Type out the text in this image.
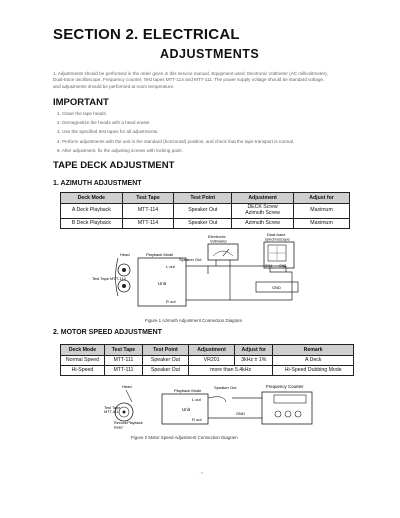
SECTION 2. ELECTRICAL
ADJUSTMENTS
1. Adjustments should be performed in the order given in this service manual. Equipment used: Electronic Voltmeter (AC millivoltmeter),
Dual-trace oscilloscope, Frequency counter, Test tapes MTT-114 and MTT-111. The power supply voltage should be standard voltage,
and adjustments should be performed at room temperature.
IMPORTANT
1. Clean the tape heads.
2. Demagnetize the heads with a head eraser.
3. Use the specified test tapes for all adjustments.
4. Perform adjustments with the unit in the standard (horizontal) position, and check that the tape transport is normal.
5. After adjustment, fix the adjusting screws with locking paint.
TAPE DECK ADJUSTMENT
1. AZIMUTH ADJUSTMENT
Deck Mode	Test Tape	Test Point	Adjustment	Adjust for
A Deck Playback	MTT-114	Speaker Out	DECK Screw
Azimuth Screw	Maximum
B Deck Playback	MTT-114	Speaker Out	Azimuth Screw	Maximum
Head
Test Tape MTT-114
Playback Mode
Unit
L out
R out
Speaker Out
Electronic
Voltmeter
Dual-trace
synchroscope
CH1 CH2
GND
Figure 1 Azimuth Adjustment Connection Diagram
2. MOTOR SPEED ADJUSTMENT
Deck Mode	Test Tape	Test Point	Adjustment	Adjust for	Remark
Normal Speed	MTT-111	Speaker Out	VR201	3kHz ± 1%	A Deck
Hi-Speed	MTT-111	Speaker Out	more than 5.4kHz		Hi-Speed Dubbing Mode
Head
Test Tape
MTT-111
Record/Playback
head
Playback Mode
Unit
L out
R out
Speaker Out
GND
Frequency Counter
Figure 2 Motor Speed Adjustment Connection Diagram
- 8 -
